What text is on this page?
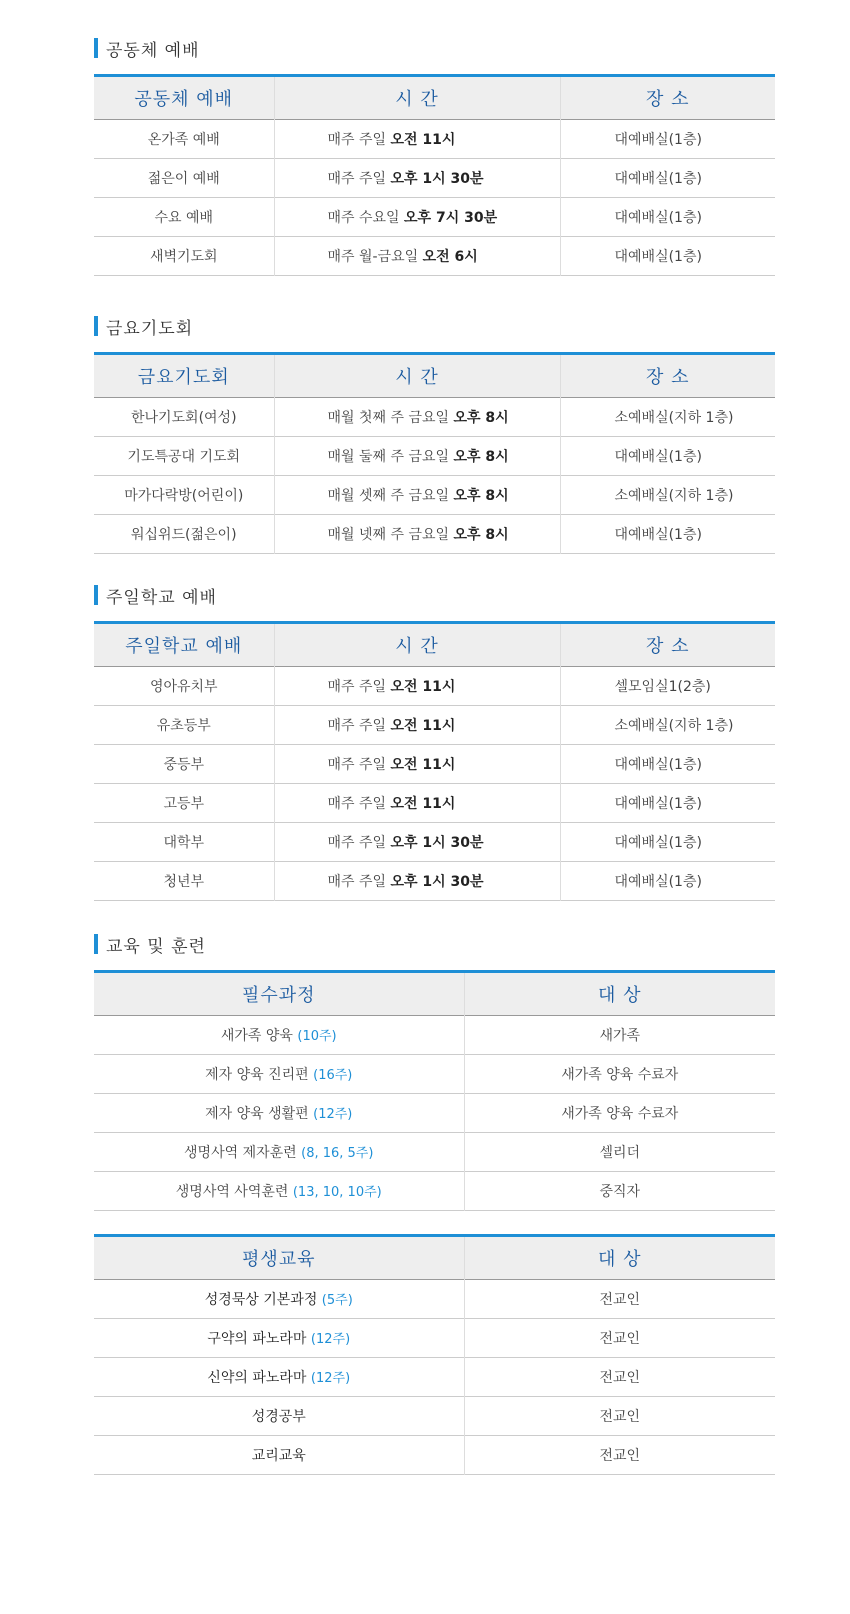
공동체 예배
공동체 예배	시 간	장 소
온가족 예배	매주 주일 오전 11시	대예배실(1층)
젊은이 예배	매주 주일 오후 1시 30분	대예배실(1층)
수요 예배	매주 수요일 오후 7시 30분	대예배실(1층)
새벽기도회	매주 월-금요일 오전 6시	대예배실(1층)
금요기도회
금요기도회	시 간	장 소
한나기도회(여성)	매월 첫째 주 금요일 오후 8시	소예배실(지하 1층)
기도특공대 기도회	매월 둘째 주 금요일 오후 8시	대예배실(1층)
마가다락방(어린이)	매월 셋째 주 금요일 오후 8시	소예배실(지하 1층)
워십위드(젊은이)	매월 넷째 주 금요일 오후 8시	대예배실(1층)
주일학교 예배
주일학교 예배	시 간	장 소
영아유치부	매주 주일 오전 11시	셀모임실1(2층)
유초등부	매주 주일 오전 11시	소예배실(지하 1층)
중등부	매주 주일 오전 11시	대예배실(1층)
고등부	매주 주일 오전 11시	대예배실(1층)
대학부	매주 주일 오후 1시 30분	대예배실(1층)
청년부	매주 주일 오후 1시 30분	대예배실(1층)
교육 및 훈련
필수과정	대 상
새가족 양육 (10주)	새가족
제자 양육 진리편 (16주)	새가족 양육 수료자
제자 양육 생활편 (12주)	새가족 양육 수료자
생명사역 제자훈련 (8, 16, 5주)	셀리더
생명사역 사역훈련 (13, 10, 10주)	중직자
평생교육	대 상
성경묵상 기본과정 (5주)	전교인
구약의 파노라마 (12주)	전교인
신약의 파노라마 (12주)	전교인
성경공부	전교인
교리교육	전교인
